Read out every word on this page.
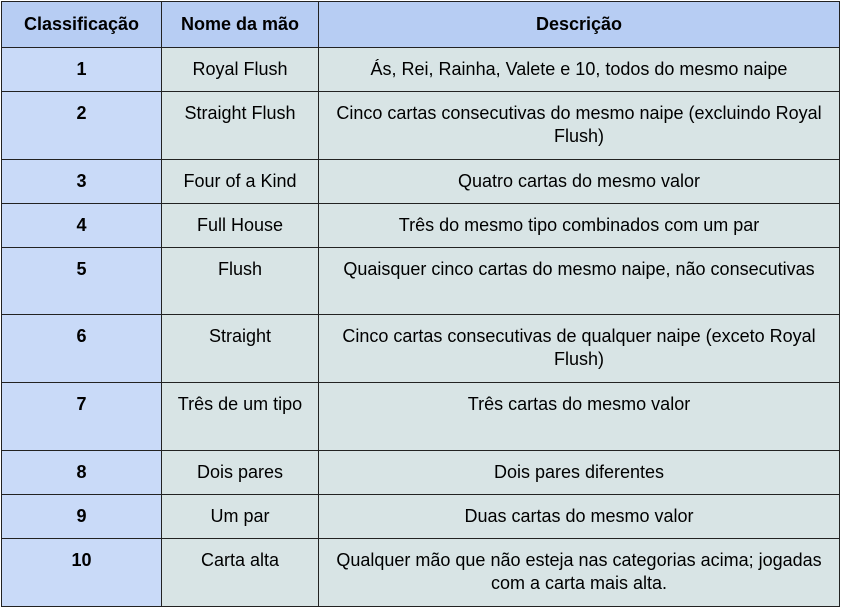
Classificação	Nome da mão	Descrição
1	Royal Flush	Ás, Rei, Rainha, Valete e 10, todos do mesmo naipe
2	Straight Flush	Cinco cartas consecutivas do mesmo naipe (excluindo Royal Flush)
3	Four of a Kind	Quatro cartas do mesmo valor
4	Full House	Três do mesmo tipo combinados com um par
5	Flush	Quaisquer cinco cartas do mesmo naipe, não consecutivas
6	Straight	Cinco cartas consecutivas de qualquer naipe (exceto Royal Flush)
7	Três de um tipo	Três cartas do mesmo valor
8	Dois pares	Dois pares diferentes
9	Um par	Duas cartas do mesmo valor
10	Carta alta	Qualquer mão que não esteja nas categorias acima; jogadas com a carta mais alta.
